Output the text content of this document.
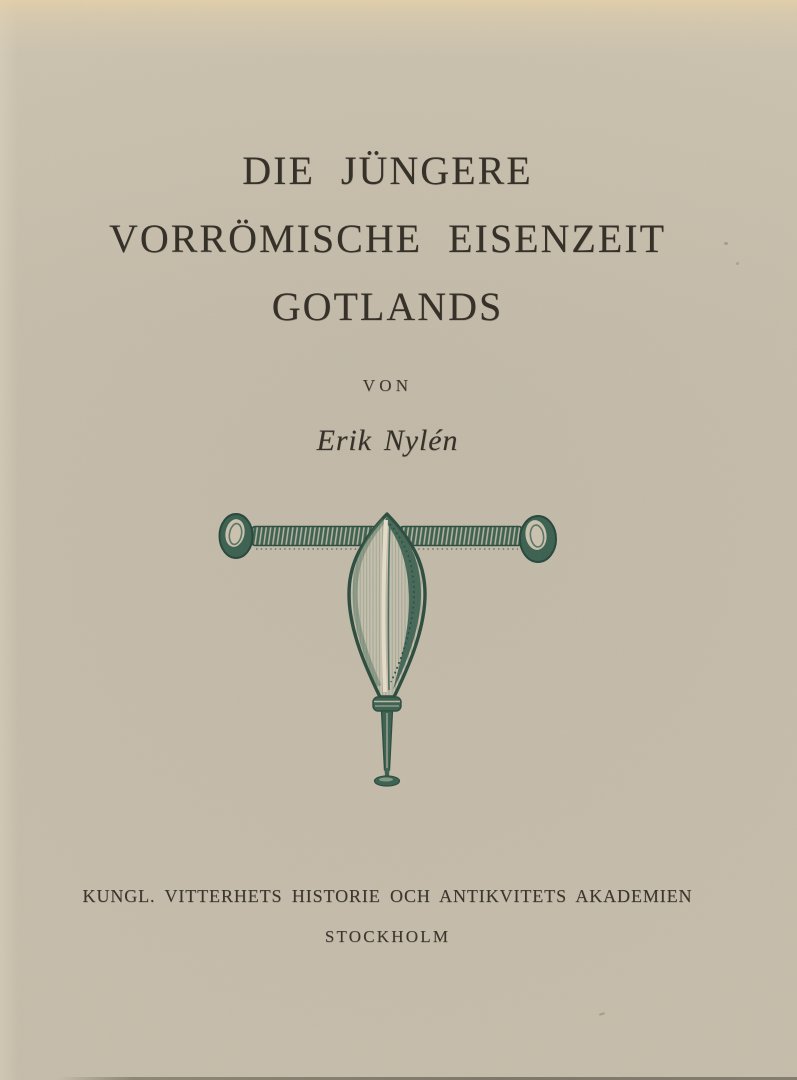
DIE JÜNGERE
VORRÖMISCHE EISENZEIT
GOTLANDS
VON
Erik Nylén
KUNGL. VITTERHETS HISTORIE OCH ANTIKVITETS AKADEMIEN
STOCKHOLM
